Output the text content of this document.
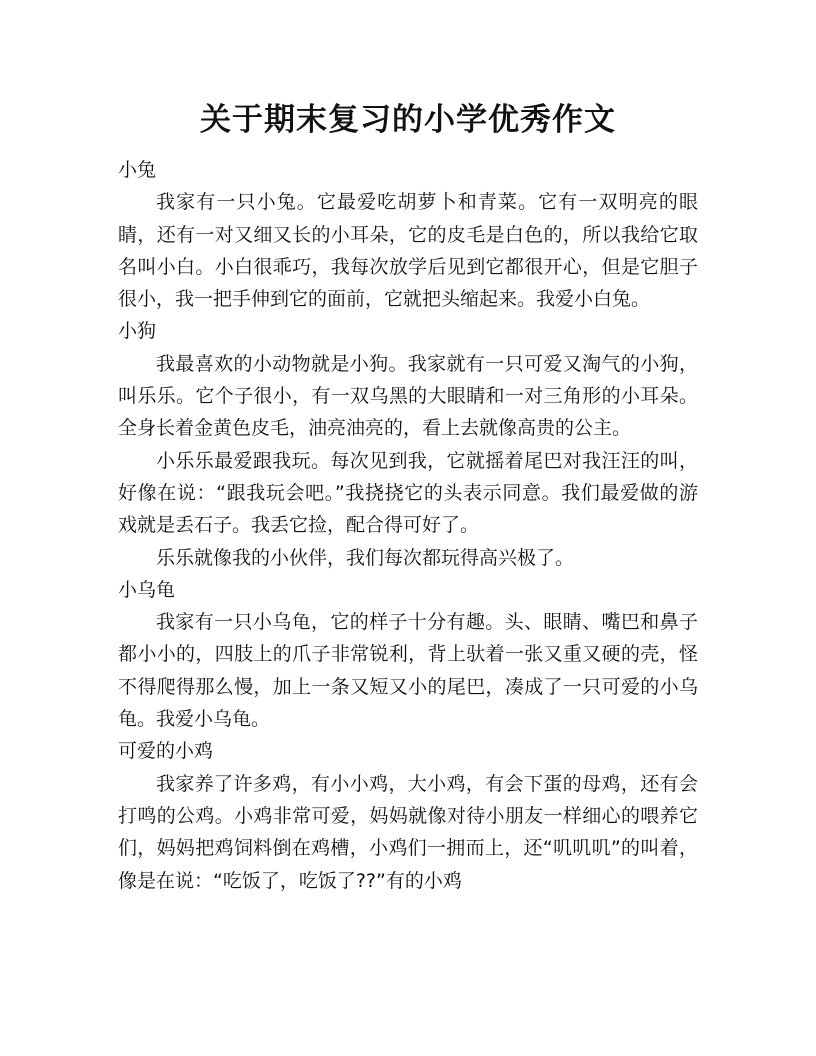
关于期末复习的小学优秀作文

小兔

我家有一只小兔。它最爱吃胡萝卜和青菜。它有一双明亮的眼睛，还有一对又细又长的小耳朵，它的皮毛是白色的，所以我给它取名叫小白。小白很乖巧，我每次放学后见到它都很开心，但是它胆子很小，我一把手伸到它的面前，它就把头缩起来。我爱小白兔。

小狗

我最喜欢的小动物就是小狗。我家就有一只可爱又淘气的小狗，叫乐乐。它个子很小，有一双乌黑的大眼睛和一对三角形的小耳朵。全身长着金黄色皮毛，油亮油亮的，看上去就像高贵的公主。

小乐乐最爱跟我玩。每次见到我，它就摇着尾巴对我汪汪的叫，好像在说：“跟我玩会吧。”我挠挠它的头表示同意。我们最爱做的游戏就是丢石子。我丢它捡，配合得可好了。

乐乐就像我的小伙伴，我们每次都玩得高兴极了。

小乌龟

我家有一只小乌龟，它的样子十分有趣。头、眼睛、嘴巴和鼻子都小小的，四肢上的爪子非常锐利，背上驮着一张又重又硬的壳，怪不得爬得那么慢，加上一条又短又小的尾巴，凑成了一只可爱的小乌龟。我爱小乌龟。

可爱的小鸡

我家养了许多鸡，有小小鸡，大小鸡，有会下蛋的母鸡，还有会打鸣的公鸡。小鸡非常可爱，妈妈就像对待小朋友一样细心的喂养它们，妈妈把鸡饲料倒在鸡槽，小鸡们一拥而上，还“叽叽叽”的叫着，像是在说：“吃饭了，吃饭了??”有的小鸡
